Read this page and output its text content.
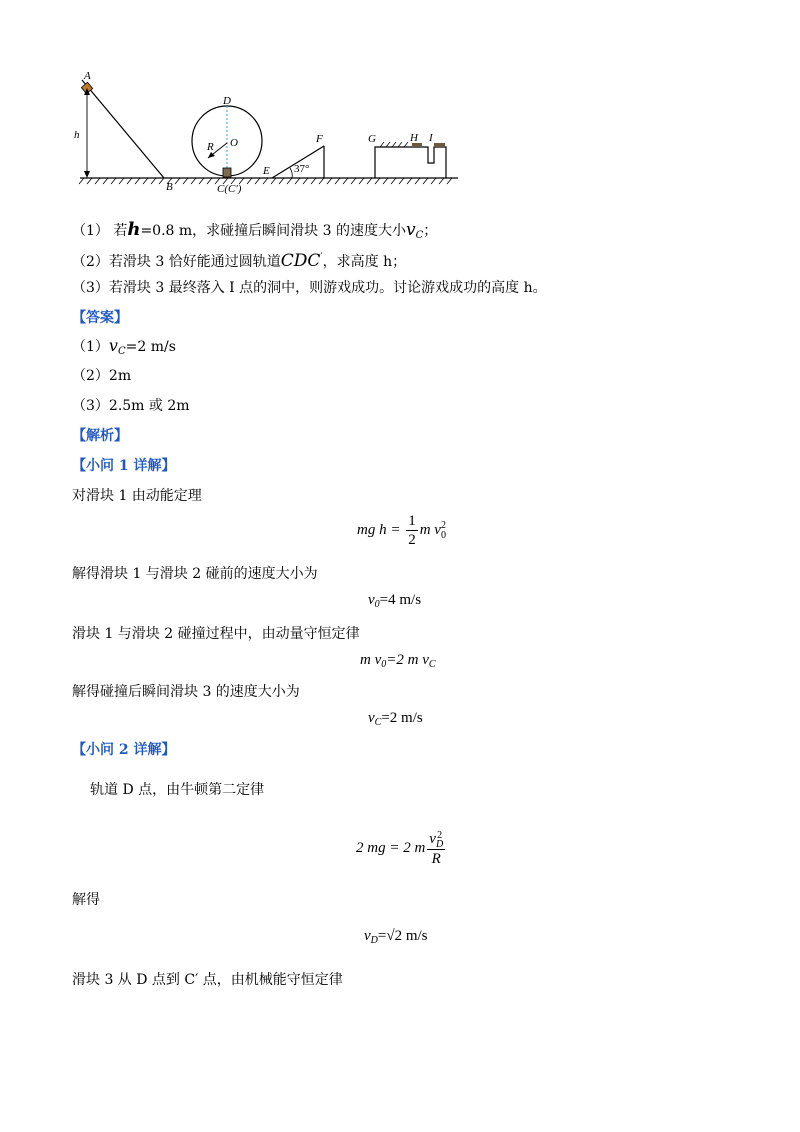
A
h
B
D
O
R
C(C′)
E 37°
F	G	H I
（1） 若h=0.8 m，求碰撞后瞬间滑块 3 的速度大小$v_C$；
（2）若滑块 3 恰好能通过圆轨道CDC′，求高度 h；
（3）若滑块 3 最终落入 I 点的洞中，则游戏成功。讨论游戏成功的高度 h。
【答案】
$(1)v_C=2$ m/s
（2）2m
（3）2.5m 或 2m
【解析】
【小问 1 详解】
对滑块 1 由动能定理
mg $h = \frac{1}{2}$ m v 2
0
解得滑块 1 与滑块 2 碰前的速度大小为
$v_0=4$ m/s
滑块 1 与滑块 2 碰撞过程中，由动量守恒定律
m $v_0=2$ m $v_C$
解得碰撞后瞬间滑块 3 的速度大小为
$v_C=2$ m/s
【小问 2 详解】
轨道 D 点，由牛顿第二定律
2 mg = 2 m v 2
D
R
解得
$v_D=√2$ m/s
滑块 3 从 D 点到 C′ 点，由机械能守恒定律
